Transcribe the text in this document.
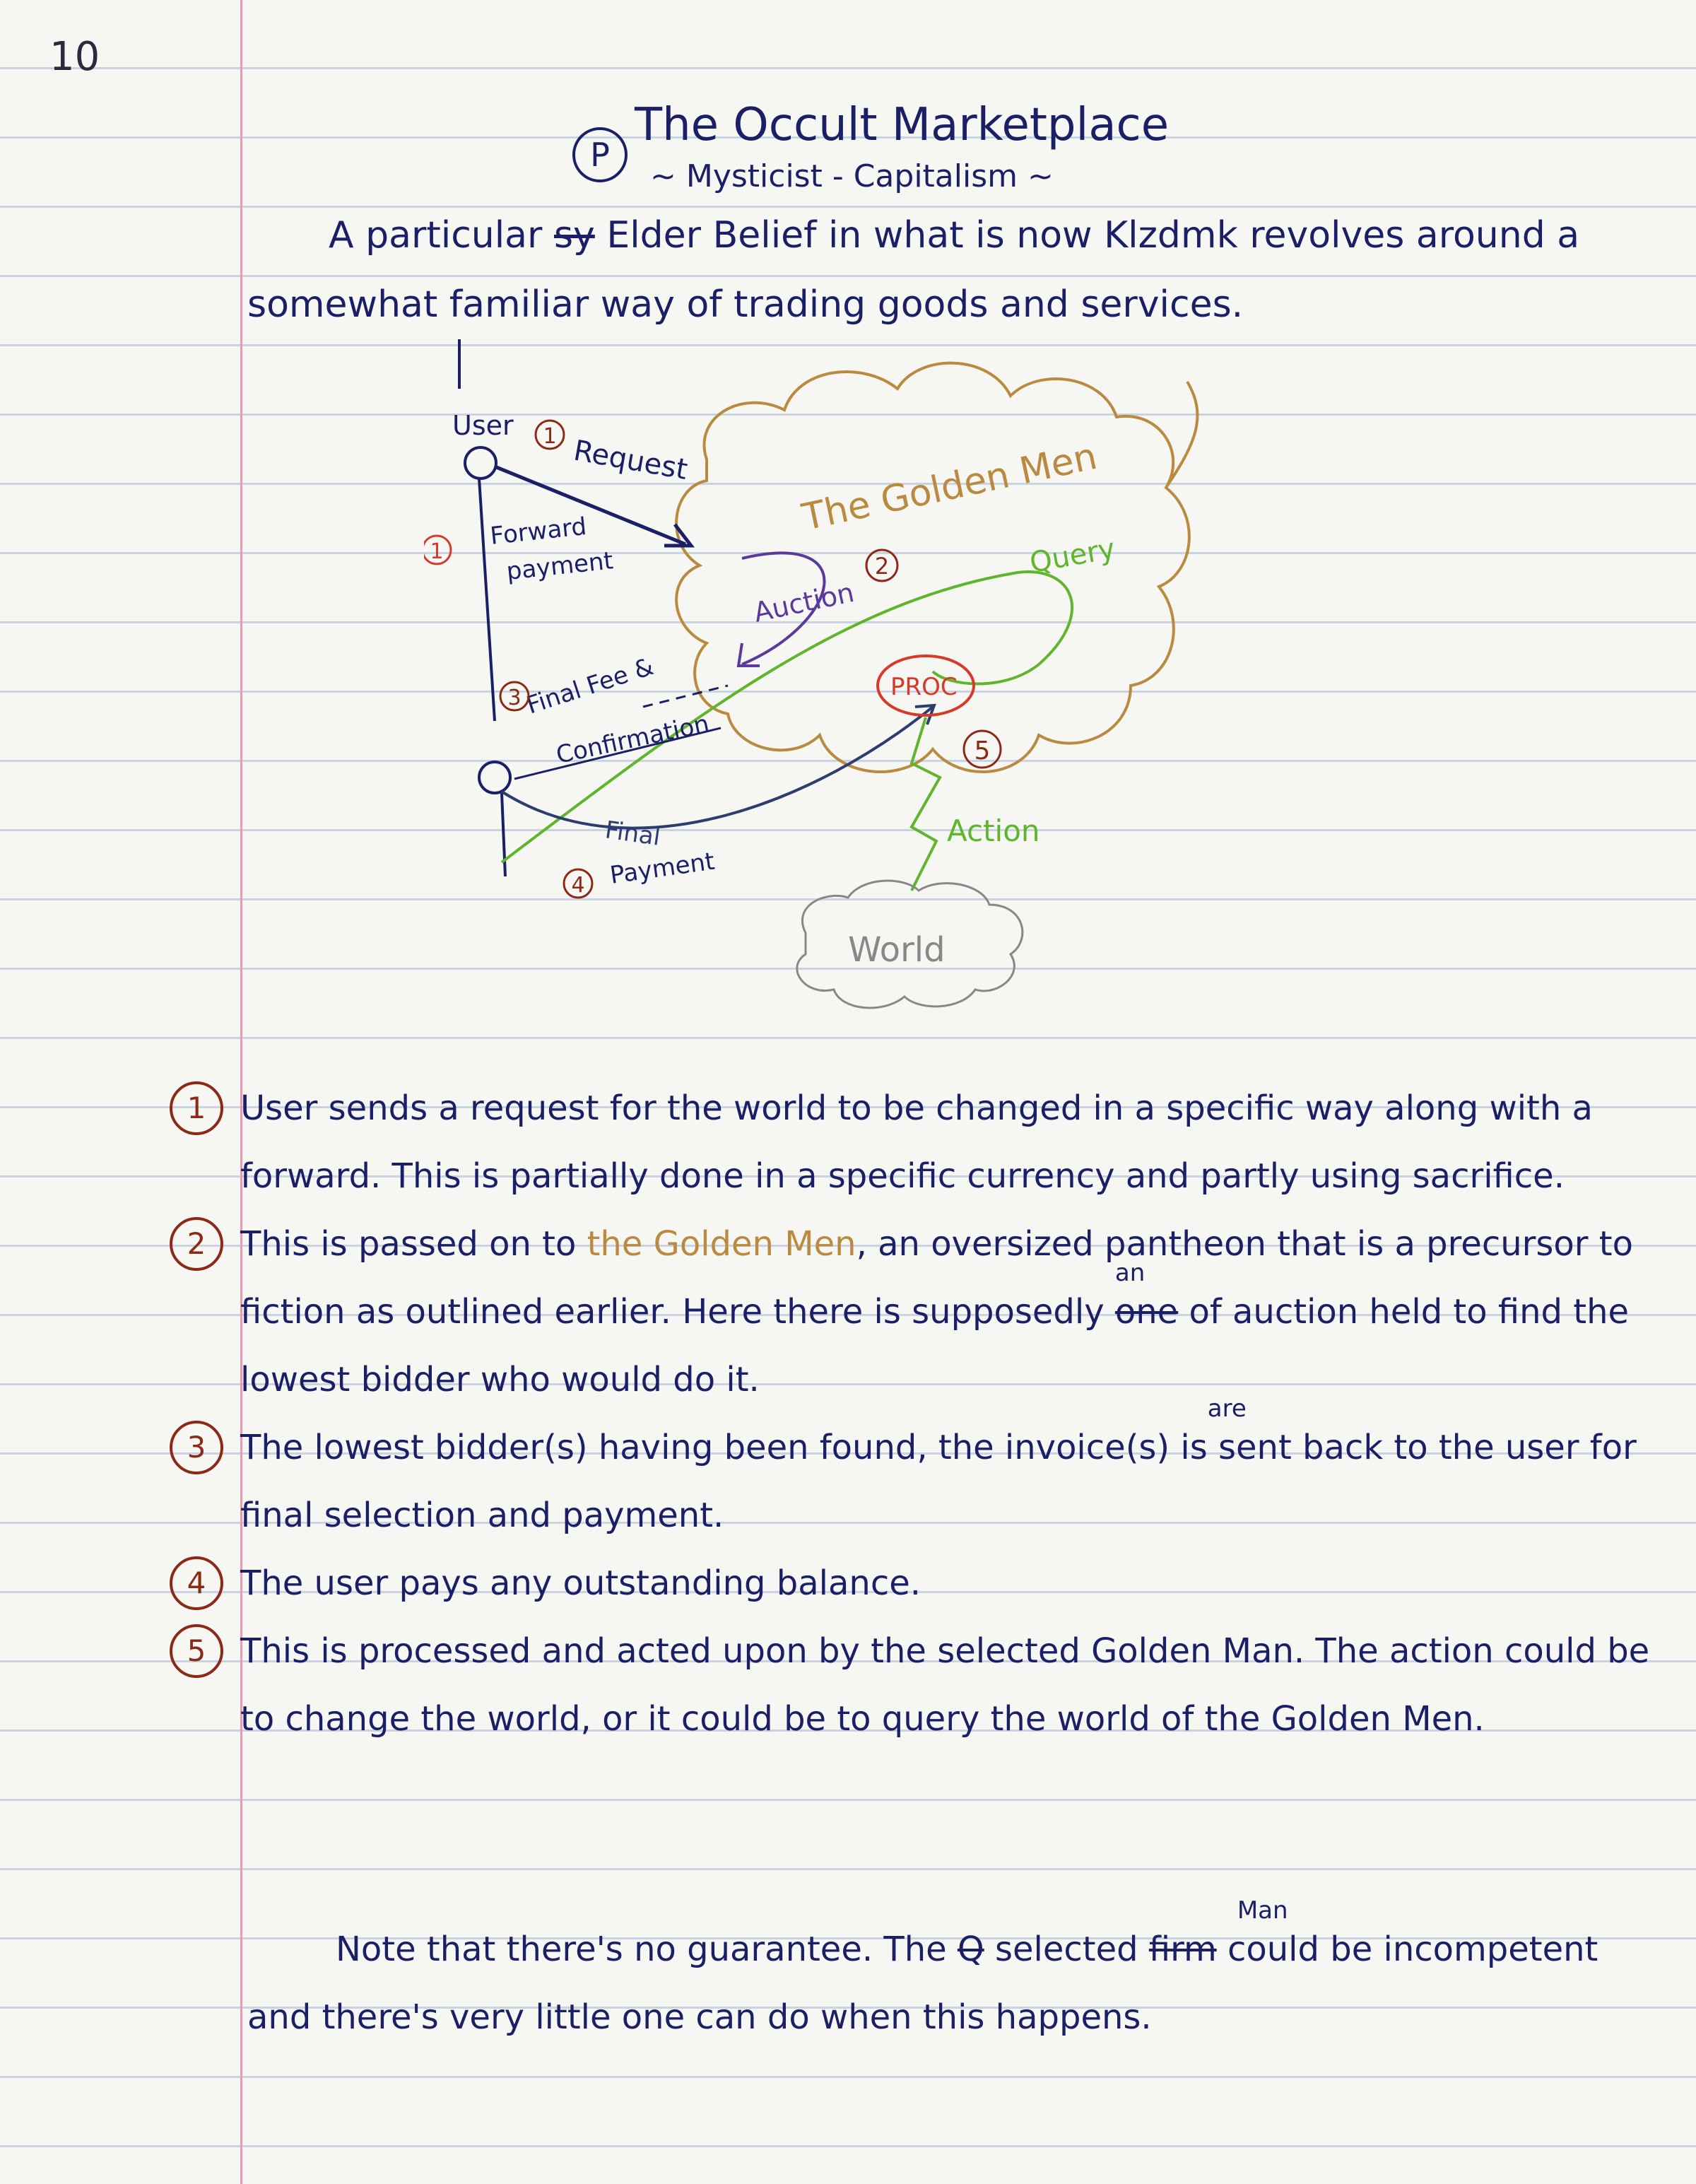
10
P
The Occult Marketplace
~ Mysticist - Capitalism ~
A particular sy Elder Belief in what is now Klzdmk revolves around a somewhat familiar way of trading goods and services.
User
Request
Forward
payment
The Golden Men
Auction
Query
PROC
Final Fee &
Confirmation
Final
Payment
Action
World
1
1
2
3
4
5
1	User sends a request for the world to be changed in a specific way along with a forward. This is partially done in a specific currency and partly using sacrifice.
2	This is passed on to the Golden Men, an oversized pantheon that is a precursor to fiction as outlined earlier. Here there is supposedly
an
one of auction held to find the lowest bidder who would do it.
3	The lowest bidder(s) having been found, the invoice(s) is
are
sent back to the user for final selection and payment.
4	The user pays any outstanding balance.
5	This is processed and acted upon by the selected Golden Man. The action could be to change the world, or it could be to query the world of the Golden Men.
Note that there's no guarantee. The Q selected
Man
firm could be incompetent and there's very little one can do when this happens.
